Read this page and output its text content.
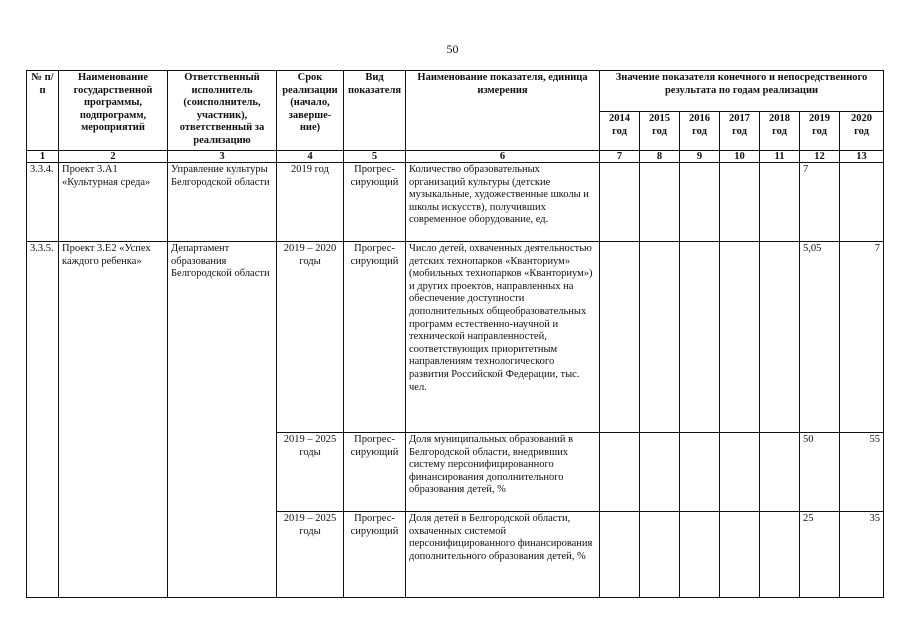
50
№ п/п	Наименование государственной программы, подпрограмм, мероприятий	Ответственный исполнитель (соисполнитель, участник), ответственный за реализацию	Срок реализации (начало, заверше-ние)	Вид показателя	Наименование показателя, единица измерения	Значение показателя конечного и непосредственного результата по годам реализации						
						2014 год	2015 год	2016 год	2017 год	2018 год	2019 год	2020 год
1	2	3	4	5	6	7	8	9	10	11	12	13
3.3.4.	Проект 3.А1 «Культурная среда»	Управление культуры Белгородской области	2019 год	Прогрес-сирующий	Количество образовательных организаций культуры (детские музыкальные, художественные школы и школы искусств), получивших современное оборудование, ед.						7	
3.3.5.	Проект 3.Е2 «Успех каждого ребенка»	Департамент образования Белгородской области	2019 – 2020 годы	Прогрес-сирующий	Число детей, охваченных деятельностью детских технопарков «Кванториум» (мобильных технопарков «Кванториум») и других проектов, направленных на обеспечение доступности дополнительных общеобразовательных программ естественно-научной и технической направленностей, соответствующих приоритетным направлениям технологического развития Российской Федерации, тыс. чел.						5,05	7
			2019 – 2025 годы	Прогрес-сирующий	Доля муниципальных образований в Белгородской области, внедривших систему персонифицированного финансирования дополнительного образования детей, %						50	55
			2019 – 2025 годы	Прогрес-сирующий	Доля детей в Белгородской области, охваченных системой персонифицированного финансирования дополнительного образования детей, %						25	35
